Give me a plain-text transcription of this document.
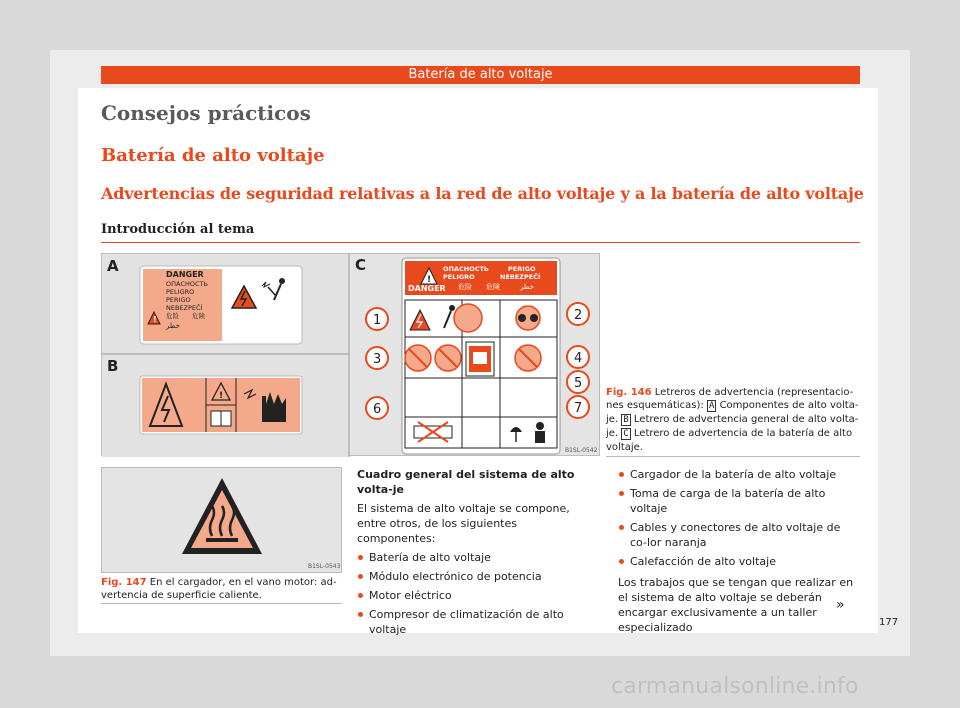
Batería de alto voltaje
Consejos prácticos
Batería de alto voltaje
Advertencias de seguridad relativas a la red de alto voltaje y a la batería de alto voltaje
Introducción al tema
A
!
DANGER
ОПАСНОСТЬ
PELIGRO
PERIGO
NEBEZPEČÍ
危险 危険
خطر
B
!
C
!
ОПАСНОСТЬ	PERIGO
PELIGRO	NEBEZPEČÍ
DANGER 危险 危険	خطر
1	2
3	4
5
6	7
B1SL-0542
Fig. 146 Letreros de advertencia (representacio-nes esquemáticas): A Componentes de alto volta-je. B Letrero de advertencia general de alto volta-je. C Letrero de advertencia de la batería de alto voltaje.
B1SL-0543
Fig. 147 En el cargador, en el vano motor: ad-vertencia de superficie caliente.
Cuadro general del sistema de alto volta-je

El sistema de alto voltaje se compone, entre otros, de los siguientes componentes:

Batería de alto voltaje
Módulo electrónico de potencia
Motor eléctrico
Compresor de climatización de alto voltaje
Cargador de la batería de alto voltaje
Toma de carga de la batería de alto voltaje
Cables y conectores de alto voltaje de co-lor naranja
Calefacción de alto voltaje

Los trabajos que se tengan que realizar en el sistema de alto voltaje se deberán encargar exclusivamente a un taller especializado

»
177
carmanualsonline.info
